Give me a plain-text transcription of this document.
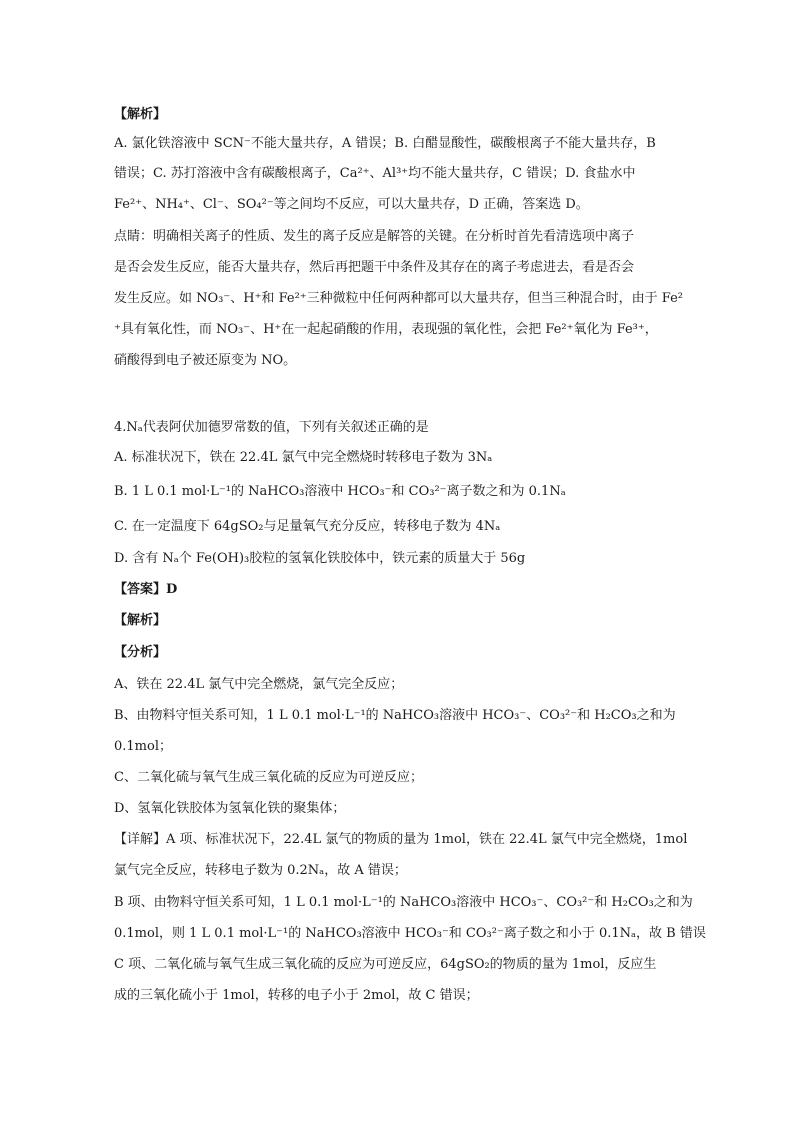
【解析】
A. 氯化铁溶液中 SCN⁻不能大量共存，A 错误；B. 白醋显酸性，碳酸根离子不能大量共存，B
错误；C. 苏打溶液中含有碳酸根离子，Ca²⁺、Al³⁺均不能大量共存，C 错误；D. 食盐水中
Fe²⁺、NH₄⁺、Cl⁻、SO₄²⁻等之间均不反应，可以大量共存，D 正确，答案选 D。
点睛：明确相关离子的性质、发生的离子反应是解答的关键。在分析时首先看清选项中离子
是否会发生反应，能否大量共存，然后再把题干中条件及其存在的离子考虑进去，看是否会
发生反应。如 NO₃⁻、H⁺和 Fe²⁺三种微粒中任何两种都可以大量共存，但当三种混合时，由于 Fe²
⁺具有氧化性，而 NO₃⁻、H⁺在一起起硝酸的作用，表现强的氧化性，会把 Fe²⁺氧化为 Fe³⁺，
硝酸得到电子被还原变为 NO。
4.Nₐ代表阿伏加德罗常数的值，下列有关叙述正确的是
A. 标准状况下，铁在 22.4L 氯气中完全燃烧时转移电子数为 3Nₐ
B. 1 L 0.1 mol·L⁻¹的 NaHCO₃溶液中 HCO₃⁻和 CO₃²⁻离子数之和为 0.1Nₐ
C. 在一定温度下 64gSO₂与足量氧气充分反应，转移电子数为 4Nₐ
D. 含有 Nₐ个 Fe(OH)₃胶粒的氢氧化铁胶体中，铁元素的质量大于 56g
【答案】D
【解析】
【分析】
A、铁在 22.4L 氯气中完全燃烧，氯气完全反应；
B、由物料守恒关系可知，1 L 0.1 mol·L⁻¹的 NaHCO₃溶液中 HCO₃⁻、CO₃²⁻和 H₂CO₃之和为
0.1mol；
C、二氧化硫与氧气生成三氧化硫的反应为可逆反应；
D、氢氧化铁胶体为氢氧化铁的聚集体；
【详解】A 项、标准状况下，22.4L 氯气的物质的量为 1mol，铁在 22.4L 氯气中完全燃烧，1mol
氯气完全反应，转移电子数为 0.2Nₐ，故 A 错误；
B 项、由物料守恒关系可知，1 L 0.1 mol·L⁻¹的 NaHCO₃溶液中 HCO₃⁻、CO₃²⁻和 H₂CO₃之和为
0.1mol，则 1 L 0.1 mol·L⁻¹的 NaHCO₃溶液中 HCO₃⁻和 CO₃²⁻离子数之和小于 0.1Nₐ，故 B 错误
C 项、二氧化硫与氧气生成三氧化硫的反应为可逆反应，64gSO₂的物质的量为 1mol，反应生
成的三氧化硫小于 1mol，转移的电子小于 2mol，故 C 错误；
